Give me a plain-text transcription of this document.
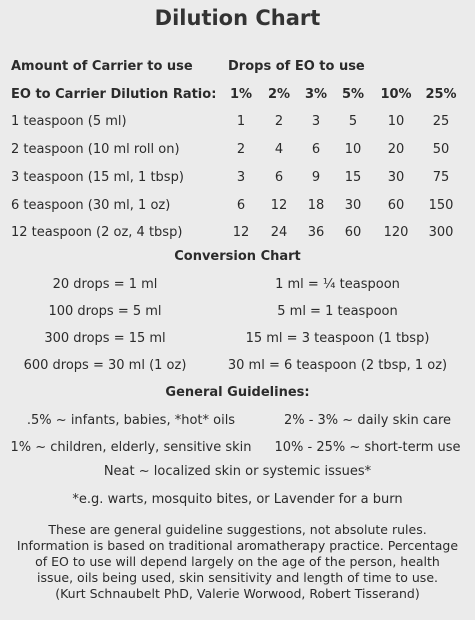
Dilution Chart
Amount of Carrier to use	Drops of EO to use
EO to Carrier Dilution Ratio:	1%	2%	3%	5%	10%	25%
1 teaspoon (5 ml)	1	2	3	5	10	25
2 teaspoon (10 ml roll on)	2	4	6	10	20	50
3 teaspoon (15 ml, 1 tbsp)	3	6	9	15	30	75
6 teaspoon (30 ml, 1 oz)	6	12	18	30	60	150
12 teaspoon (2 oz, 4 tbsp)	12	24	36	60	120	300
Conversion Chart
20 drops = 1 ml	1 ml = ¼ teaspoon
100 drops = 5 ml	5 ml = 1 teaspoon
300 drops = 15 ml	15 ml = 3 teaspoon (1 tbsp)
600 drops = 30 ml (1 oz)	30 ml = 6 teaspoon (2 tbsp, 1 oz)
General Guidelines:
.5% ~ infants, babies, *hot* oils	2% - 3% ~ daily skin care
1% ~ children, elderly, sensitive skin	10% - 25% ~ short-term use
Neat ~ localized skin or systemic issues*
*e.g. warts, mosquito bites, or Lavender for a burn
These are general guideline suggestions, not absolute rules.
Information is based on traditional aromatherapy practice. Percentage
of EO to use will depend largely on the age of the person, health
issue, oils being used, skin sensitivity and length of time to use.
(Kurt Schnaubelt PhD, Valerie Worwood, Robert Tisserand)
